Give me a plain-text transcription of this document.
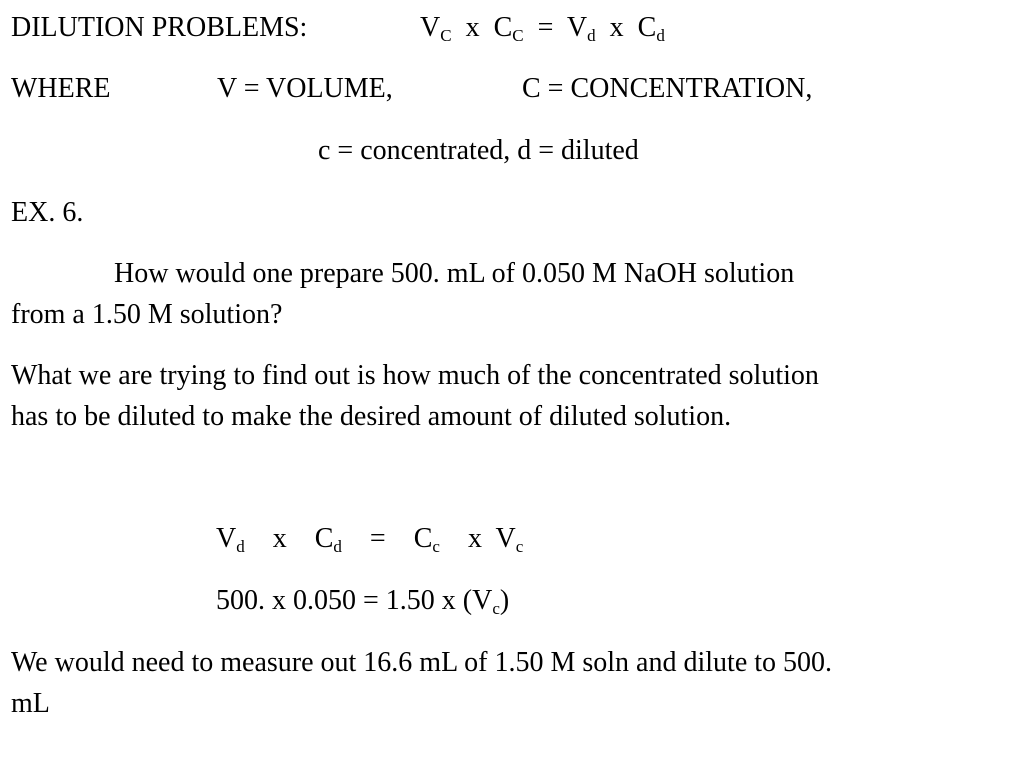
DILUTION PROBLEMS:	$V_C$ x $C_C = V_d$ x $C_d$
WHERE	V = VOLUME,	C = CONCENTRATION,
c = concentrated, d = diluted
EX. 6.
How would one prepare 500. mL of 0.050 M NaOH solution
from a 1.50 M solution?
What we are trying to find out is how much of the concentrated solution
has to be diluted to make the desired amount of diluted solution.
$V_d$ x $C_d = C_c$ x $V_c$
500. x 0.050 = 1.50 x $(V_c)$
We would need to measure out 16.6 mL of 1.50 M soln and dilute to 500.
mL
